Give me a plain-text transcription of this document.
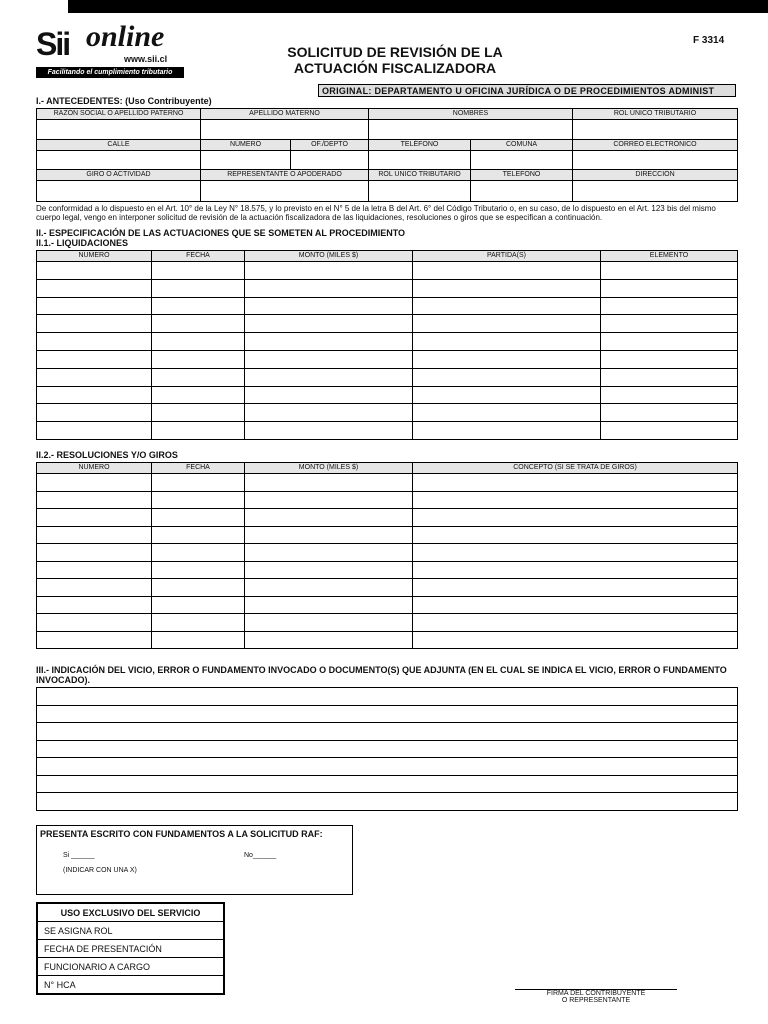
Sii online
www.sii.cl
Facilitando el cumplimiento tributario
SOLICITUD DE REVISIÓN DE LA
ACTUACIÓN FISCALIZADORA
F 3314
ORIGINAL: DEPARTAMENTO U OFICINA JURÍDICA O DE PROCEDIMIENTOS ADMINIST
I.- ANTECEDENTES: (Uso Contribuyente)
RAZÓN SOCIAL O APELLIDO PATERNO	APELLIDO MATERNO	NOMBRES	ROL ÚNICO TRIBUTARIO

CALLE	NÚMERO	OF./DEPTO	TELÉFONO	COMUNA	CORREO ELECTRÓNICO

GIRO O ACTIVIDAD	REPRESENTANTE O APODERADO	ROL UNICO TRIBUTARIO	TELEFONO	DIRECCIÓN

De conformidad a lo dispuesto en el Art. 10° de la Ley N° 18.575, y lo previsto en el N° 5 de la letra B del Art. 6° del Código Tributario o, en su caso, de lo dispuesto en el Art. 123 bis del mismo cuerpo legal, vengo en interponer solicitud de revisión de la actuación fiscalizadora de las liquidaciones, resoluciones o giros que se especifican a continuación.
II.- ESPECIFICACIÓN DE LAS ACTUACIONES QUE SE SOMETEN AL PROCEDIMIENTO
II.1.- LIQUIDACIONES
NUMERO	FECHA	MONTO (MILES $)	PARTIDA(S)	ELEMENTO

II.2.- RESOLUCIONES Y/O GIROS
NUMERO	FECHA	MONTO (MILES $)	CONCEPTO (SI SE TRATA DE GIROS)

III.- INDICACIÓN DEL VICIO, ERROR O FUNDAMENTO INVOCADO O DOCUMENTO(S) QUE ADJUNTA (EN EL CUAL SE INDICA EL VICIO, ERROR O FUNDAMENTO INVOCADO).

PRESENTA ESCRITO CON FUNDAMENTOS A LA SOLICITUD RAF:
Si ______	No______
(INDICAR CON UNA X)
USO EXCLUSIVO DEL SERVICIO
SE ASIGNA ROL
FECHA DE PRESENTACIÓN
FUNCIONARIO A CARGO
N° HCA
FIRMA DEL CONTRIBUYENTE
O REPRESENTANTE
